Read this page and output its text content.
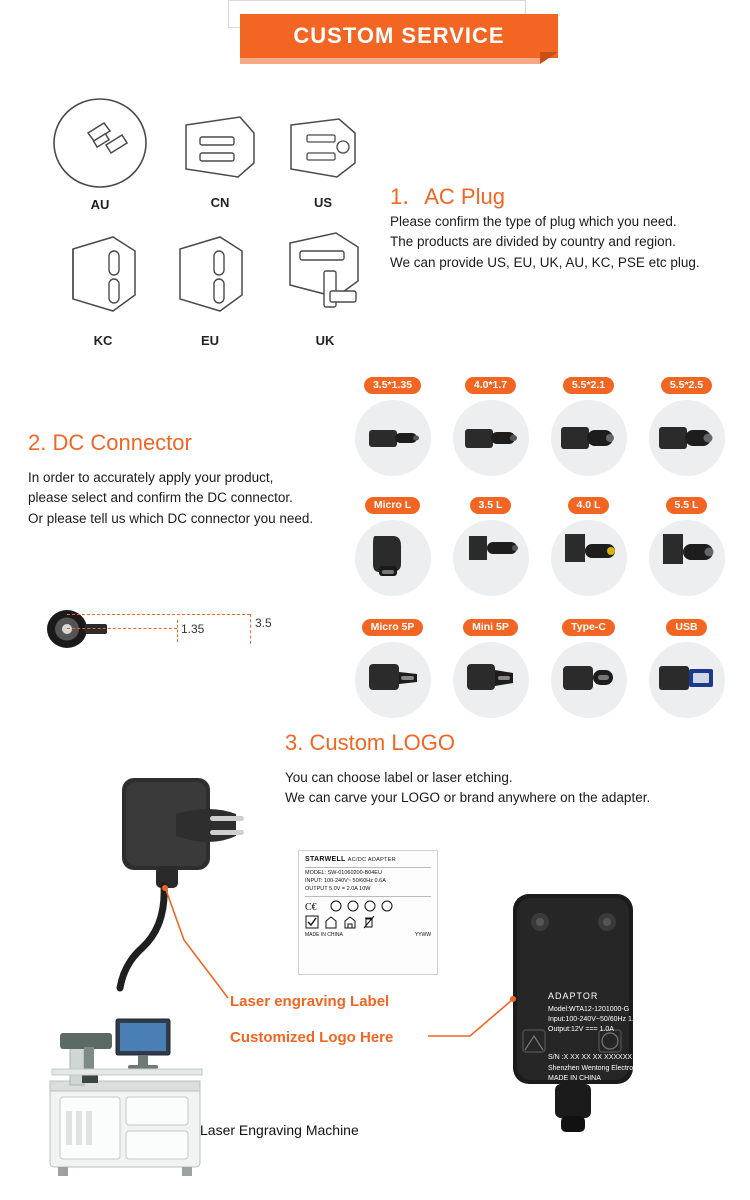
CUSTOM SERVICE
1．AC Plug
Please confirm the type of plug which you need.
The products are divided by country and region.
We can provide US, EU, UK, AU, KC, PSE etc plug.
AU	CN	US
KC	EU	UK
2. DC Connector
In order to accurately apply your product,
please select and confirm the DC connector.
Or please tell us which DC connector you need.
3.5*1.35	4.0*1.7	5.5*2.1	5.5*2.5
Micro L	3.5 L	4.0 L	5.5 L
Micro 5P	Mini 5P	Type-C	USB
1.35	3.5
3. Custom LOGO
You can choose label or laser etching.
We can carve your LOGO or brand anywhere on the adapter.
STARWELL AC/DC ADAPTER
MODEL: SW-01060200-B04EU
INPUT: 100-240V~ 50/60Hz 0.6A
OUTPUT 5.0V = 2.0A 10W
C€
MADE IN CHINA	YYWW
ADAPTOR
Model:WTA12-1201000-G
Input:100-240V~50/60Hz 1.6A
Output:12V === 1.0A
S/N :X XX XX XX XXXXXX
Shenzhen Wentong Electronic Co.,Ltd
MADE IN CHINA
Laser Engraving Machine
Laser engraving Label
Customized Logo Here
